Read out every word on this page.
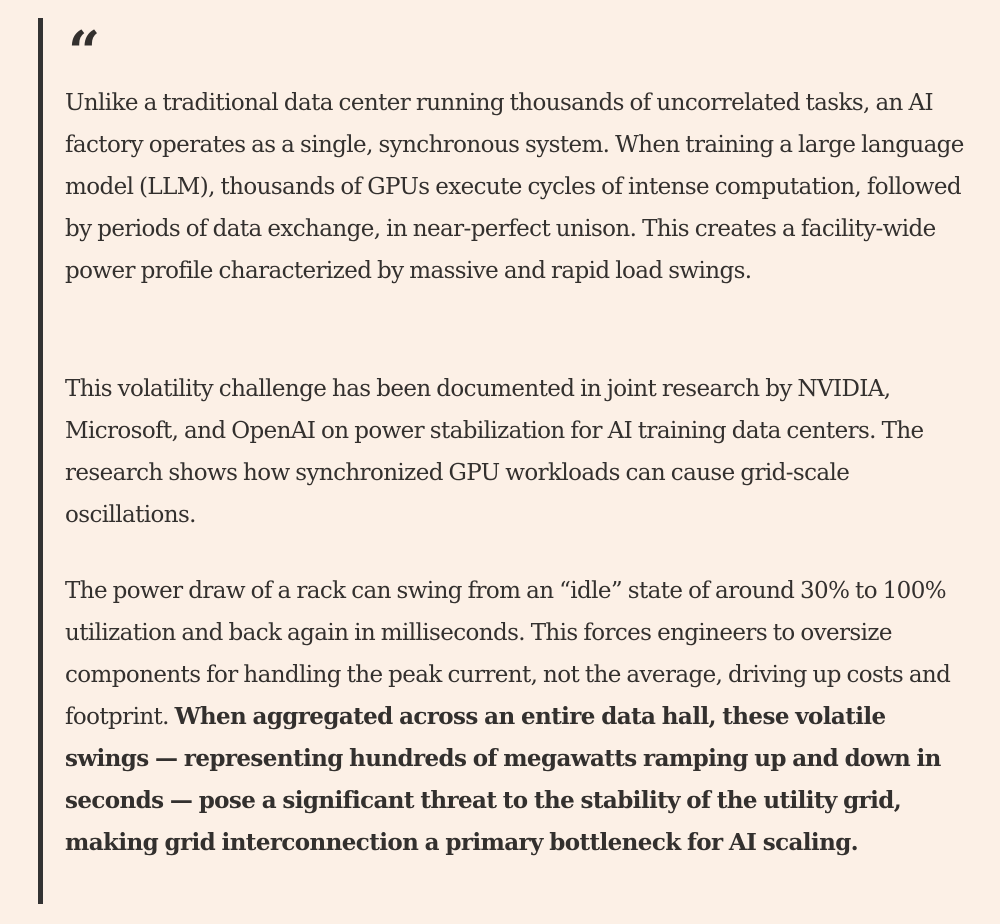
“

Unlike a traditional data center running thousands of uncorrelated tasks, an AI factory operates as a single, synchronous system. When training a large language model (LLM), thousands of GPUs execute cycles of intense computation, followed by periods of data exchange, in near-perfect unison. This creates a facility-wide power profile characterized by massive and rapid load swings.

This volatility challenge has been documented in joint research by NVIDIA, Microsoft, and OpenAI on power stabilization for AI training data centers. The research shows how synchronized GPU workloads can cause grid-scale oscillations.

The power draw of a rack can swing from an “idle” state of around 30% to 100% utilization and back again in milliseconds. This forces engineers to oversize components for handling the peak current, not the average, driving up costs and footprint. When aggregated across an entire data hall, these volatile swings — representing hundreds of megawatts ramping up and down in seconds — pose a significant threat to the stability of the utility grid, making grid interconnection a primary bottleneck for AI scaling.
